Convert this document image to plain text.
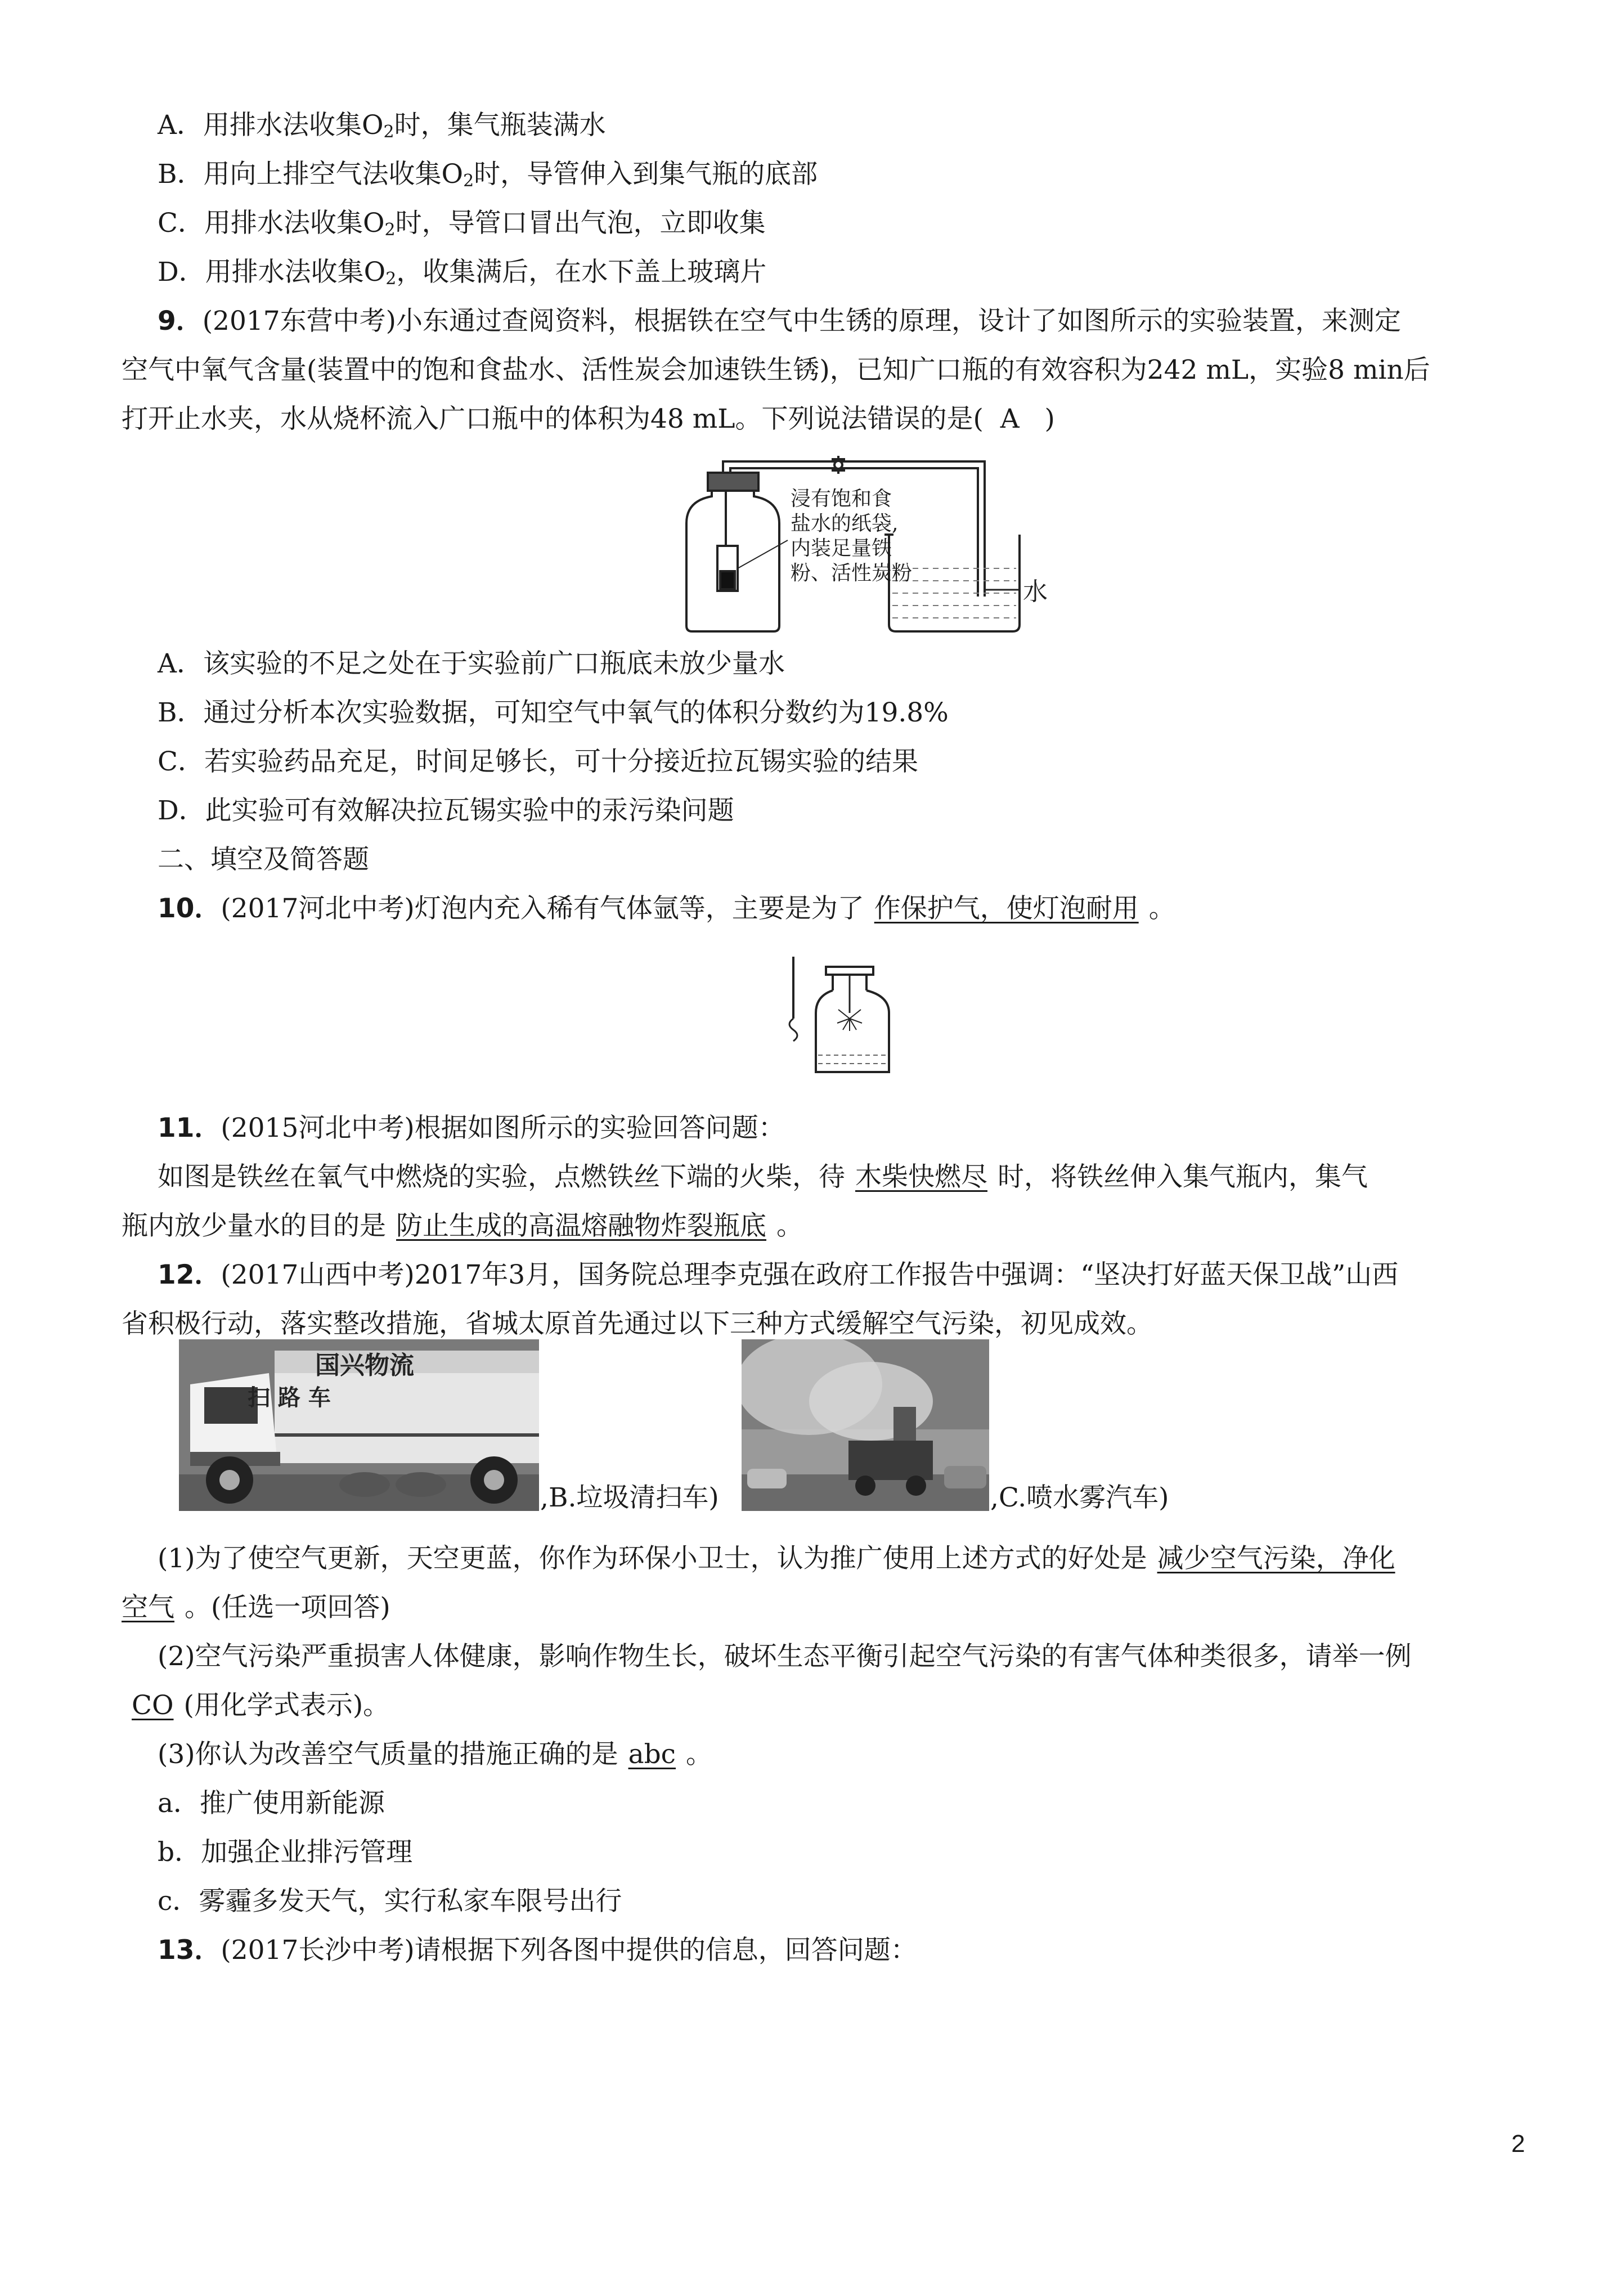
A．用排水法收集$O_2$时，集气瓶装满水
B．用向上排空气法收集$O_2$时，导管伸入到集气瓶的底部
C．用排水法收集$O_2$时，导管口冒出气泡，立即收集
D．用排水法收集$O_2$，收集满后，在水下盖上玻璃片
9．(2017东营中考)小东通过查阅资料，根据铁在空气中生锈的原理，设计了如图所示的实验装置，来测定
空气中氧气含量(装置中的饱和食盐水、活性炭会加速铁生锈)，已知广口瓶的有效容积为242 mL，实验8 min后
打开止水夹，水从烧杯流入广口瓶中的体积为48 mL。下列说法错误的是( A )
浸有饱和食
盐水的纸袋,
内装足量铁
粉、活性炭粉
水
A．该实验的不足之处在于实验前广口瓶底未放少量水
B．通过分析本次实验数据，可知空气中氧气的体积分数约为19.8%
C．若实验药品充足，时间足够长，可十分接近拉瓦锡实验的结果
D．此实验可有效解决拉瓦锡实验中的汞污染问题
二、填空及简答题
10．(2017河北中考)灯泡内充入稀有气体氩等，主要是为了 作保护气，使灯泡耐用 。
11．(2015河北中考)根据如图所示的实验回答问题：
如图是铁丝在氧气中燃烧的实验，点燃铁丝下端的火柴，待 木柴快燃尽 时，将铁丝伸入集气瓶内，集气
瓶内放少量水的目的是 防止生成的高温熔融物炸裂瓶底 。
12．(2017山西中考)2017年3月，国务院总理李克强在政府工作报告中强调：“坚决打好蓝天保卫战”山西
省积极行动，落实整改措施，省城太原首先通过以下三种方式缓解空气污染，初见成效。
国兴物流
扫 路 车
,B.垃圾清扫车)	,C.喷水雾汽车)
(1)为了使空气更新，天空更蓝，你作为环保小卫士，认为推广使用上述方式的好处是 减少空气污染，净化
空气 。(任选一项回答)
(2)空气污染严重损害人体健康，影响作物生长，破坏生态平衡引起空气污染的有害气体种类很多，请举一例
CO (用化学式表示)。
(3)你认为改善空气质量的措施正确的是 abc 。
a．推广使用新能源
b．加强企业排污管理
c．雾霾多发天气，实行私家车限号出行
13．(2017长沙中考)请根据下列各图中提供的信息，回答问题：
2
